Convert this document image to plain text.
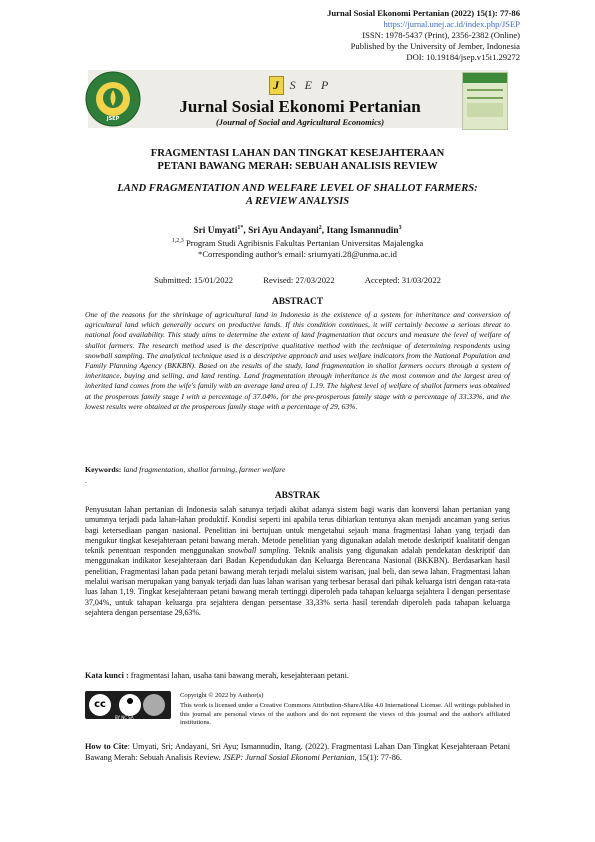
Jurnal Sosial Ekonomi Pertanian (2022) 15(1): 77-86
https://jurnal.unej.ac.id/index.php/JSEP
ISSN: 1978-5437 (Print), 2356-2382 (Online)
Published by the University of Jember, Indonesia
DOI: 10.19184/jsep.v15i1.29272
JSEP
J S E P
Jurnal Sosial Ekonomi Pertanian
(Journal of Social and Agricultural Economics)
FRAGMENTASI LAHAN DAN TINGKAT KESEJAHTERAAN PETANI BAWANG MERAH: SEBUAH ANALISIS REVIEW
LAND FRAGMENTATION AND WELFARE LEVEL OF SHALLOT FARMERS:
A REVIEW ANALYSIS
Sri Umyati$^{1*}$, Sri Ayu Andayani$^2$, Itang Ismannudin$^3$
$^{1,2,3}$ Program Studi Agribisnis Fakultas Pertanian Universitas Majalengka
*Corresponding author's email: sriumyati.28@unma.ac.id
Submitted: 15/01/2022	Revised: 27/03/2022	Accepted: 31/03/2022
ABSTRACT
One of the reasons for the shrinkage of agricultural land in Indonesia is the existence of a system for inheritance and conversion of agricultural land which generally occurs on productive lands. If this condition continues, it will certainly become a serious threat to national food availability. This study aims to determine the extent of land fragmentation that occurs and measure the level of welfare of shallot farmers. The research method used is the descriptive qualitative method with the technique of determining respondents using snowball sampling. The analytical technique used is a descriptive approach and uses welfare indicators from the National Population and Family Planning Agency (BKKBN). Based on the results of the study, land fragmentation in shallot farmers occurs through a system of inheritance, buying and selling, and land renting. Land fragmentation through inheritance is the most common and the largest area of inherited land comes from the wife's family with an average land area of 1.19. The highest level of welfare of shallot farmers was obtained at the prosperous family stage I with a percentage of 37.04%, for the pre-prosperous family stage with a percentage of 33.33%, and the lowest results were obtained at the prosperous family stage with a percentage of 29, 63%.
Keywords: land fragmentation, shallot farming, farmer welfare
.
ABSTRAK
Penyusutan lahan pertanian di Indonesia salah satunya terjadi akibat adanya sistem bagi waris dan konversi lahan pertanian yang umumnya terjadi pada lahan-lahan produktif. Kondisi seperti ini apabila terus dibiarkan tentunya akan menjadi ancaman yang serius bagi ketersediaan pangan nasional. Penelitian ini bertujuan untuk mengetahui sejauh mana fragmentasi lahan yang terjadi dan mengukur tingkat kesejahteraan petani bawang merah. Metode penelitian yang digunakan adalah metode deskriptif kualitatif dengan teknik penentuan responden menggunakan snowball sampling. Teknik analisis yang digunakan adalah pendekatan deskriptif dan menggunakan indikator kesejahteraan dari Badan Kependudukan dan Keluarga Berencana Nasional (BKKBN). Berdasarkan hasil penelitian, Fragmentasi lahan pada petani bawang merah terjadi melalui sistem warisan, jual beli, dan sewa lahan. Fragmentasi lahan melalui warisan merupakan yang banyak terjadi dan luas lahan warisan yang terbesar berasal dari pihak keluarga istri dengan rata-rata luas lahan 1,19. Tingkat kesejahteraan petani bawang merah tertinggi diperoleh pada tahapan keluarga sejahtera I dengan persentase 37,04%, untuk tahapan keluarga pra sejahtera dengan persentase 33,33% serta hasil terendah diperoleh pada tahapan keluarga sejahtera dengan persentase 29,63%.
Kata kunci : fragmentasi lahan, usaha tani bawang merah, kesejahteraan petani.
cc
BY NC SA
Copyright © 2022 by Author(s)
This work is licensed under a Creative Commons Attribution-ShareAlike 4.0 International License. All writings published in this journal are personal views of the authors and do not represent the views of this journal and the author's affiliated institutions.
How to Cite: Umyati, Sri; Andayani, Sri Ayu; Ismannudin, Itang. (2022). Fragmentasi Lahan Dan Tingkat Kesejahteraan Petani Bawang Merah: Sebuah Analisis Review. JSEP: Jurnal Sosial Ekonomi Pertanian, 15(1): 77-86.
